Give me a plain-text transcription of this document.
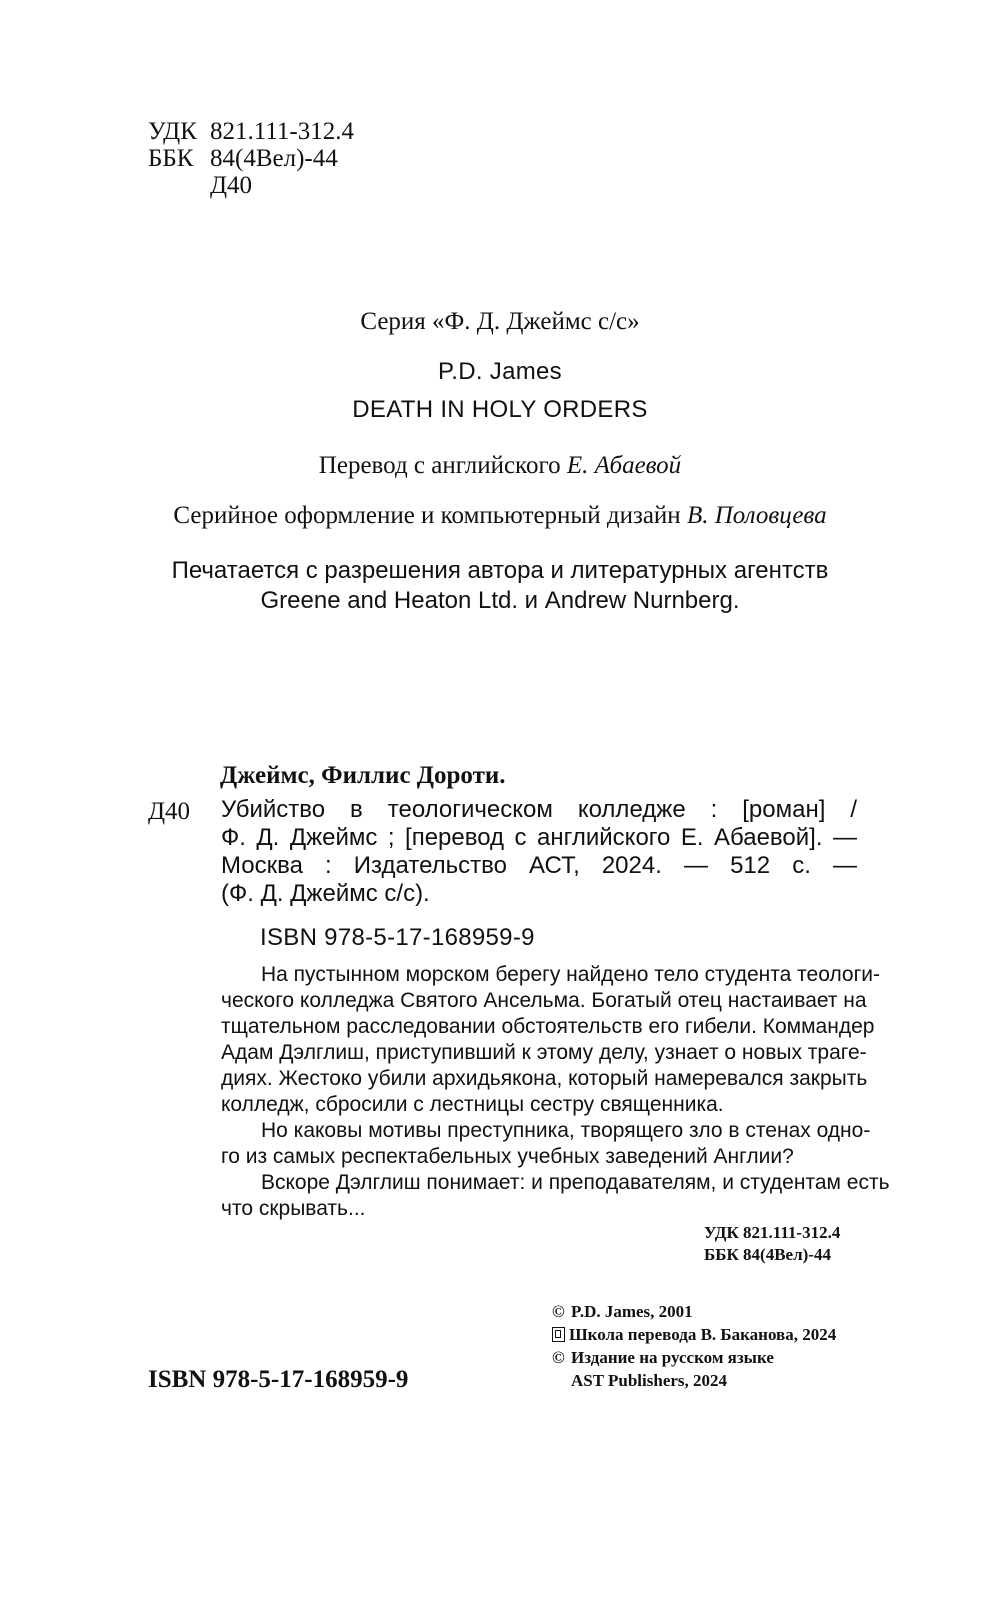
УДК 821.111-312.4
ББК 84(4Вел)-44
Д40
Серия «Ф. Д. Джеймс с/с»
P.D. James
DEATH IN HOLY ORDERS
Перевод с английского Е. Абаевой
Серийное оформление и компьютерный дизайн В. Половцева
Печатается с разрешения автора и литературных агентств
Greene and Heaton Ltd. и Andrew Nurnberg.
Джеймс, Филлис Дороти.
Д40 Убийство в теологическом колледже : [роман] /
Ф. Д. Джеймс ; [перевод с английского Е. Абаевой]. —
Москва : Издательство АСТ, 2024. — 512 с. —
(Ф. Д. Джеймс с/с).
ISBN 978-5-17-168959-9
На пустынном морском берегу найдено тело студента теологи-
ческого колледжа Святого Ансельма. Богатый отец настаивает на
тщательном расследовании обстоятельств его гибели. Коммандер
Адам Дэлглиш, приступивший к этому делу, узнает о новых траге-
диях. Жестоко убили архидьякона, который намеревался закрыть
колледж, сбросили с лестницы сестру священника.
Но каковы мотивы преступника, творящего зло в стенах одно-
го из самых респектабельных учебных заведений Англии?
Вскоре Дэлглиш понимает: и преподавателям, и студентам есть
что скрывать...
УДК 821.111-312.4
ББК 84(4Вел)-44
© P.D. James, 2001
Школа перевода В. Баканова, 2024
© Издание на русском языке
AST Publishers, 2024
ISBN 978-5-17-168959-9
